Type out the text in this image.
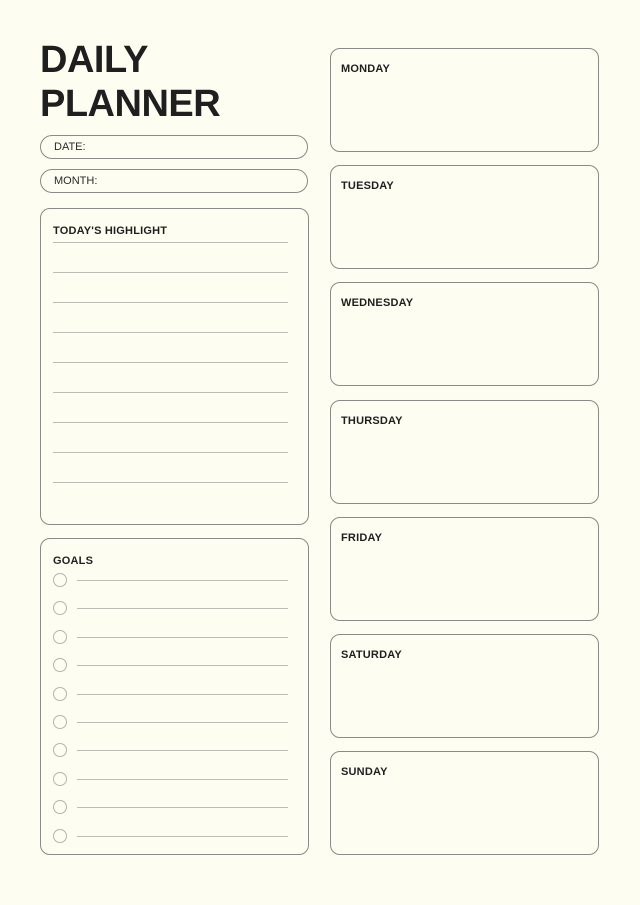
DAILY
PLANNER
DATE:
MONTH:
TODAY'S HIGHLIGHT
GOALS
MONDAY
TUESDAY
WEDNESDAY
THURSDAY
FRIDAY
SATURDAY
SUNDAY
